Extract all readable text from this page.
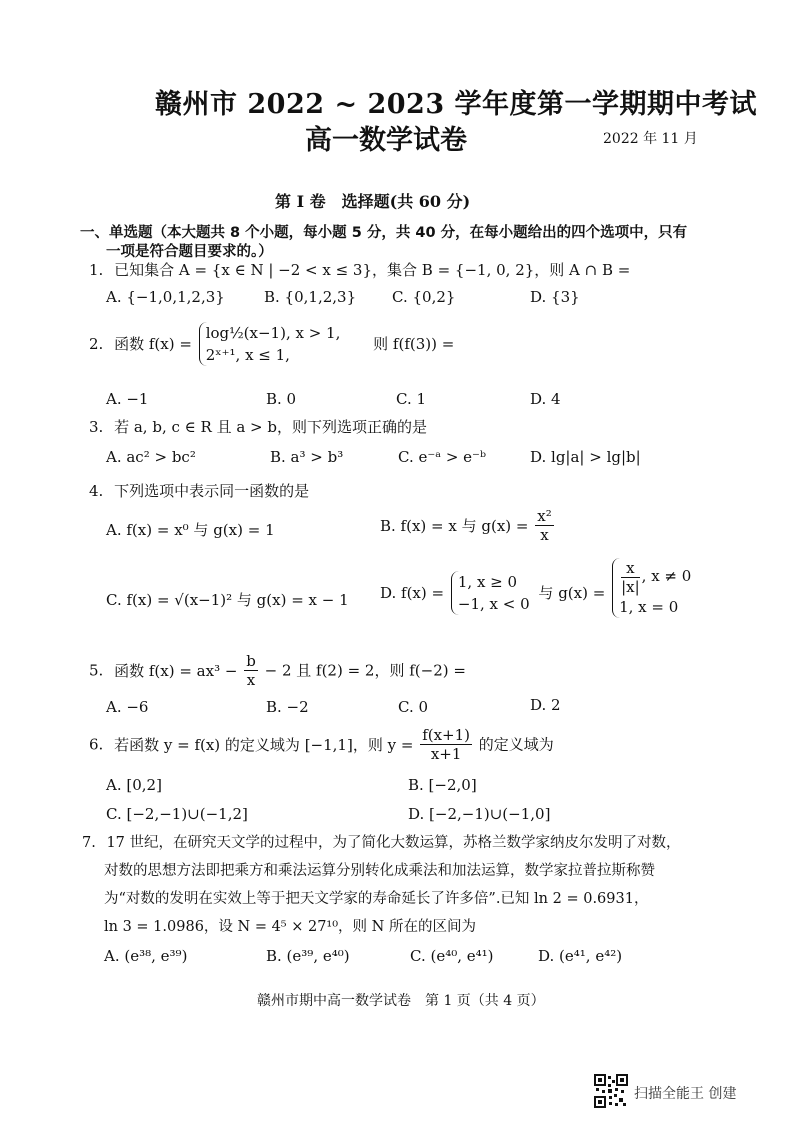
赣州市 2022 ~ 2023 学年度第一学期期中考试
高一数学试卷	2022 年 11 月
第 Ⅰ 卷　选择题(共 60 分)
一、单选题（本大题共 8 个小题，每小题 5 分，共 40 分，在每小题给出的四个选项中，只有
一项是符合题目要求的。）
1. 已知集合 A = {x ∈ N | −2 < x ≤ 3}，集合 B = {−1, 0, 2}，则 A ∩ B =
A. {−1,0,1,2,3}	B. {0,1,2,3} C. {0,2}	D. {3}
2. 函数 f(x) =
log½(x−1), x > 1,
2ˣ⁺¹, x ≤ 1,
则 f(f(3)) =
A. −1	B. 0	C. 1	D. 4
3. 若 a, b, c ∈ R 且 a > b，则下列选项正确的是
A. ac² > bc²	B. a³ > b³	C. e⁻ᵃ > e⁻ᵇ	D. lg|a| > lg|b|
4. 下列选项中表示同一函数的是
A. f(x) = x⁰ 与 g(x) = 1	B. f(x) = x 与 $g(x) = \frac{\text{x²}}{x}$
C. f(x) = √(x−1)² 与 g(x) = x − 1 D. f(x) =
1, x ≥ 0
−1, x < 0
与 $g(x) = \frac{x}{|x|}$ , x ≠ 0
1, x = 0
5. 函数 $f(x) = ax^3 - \frac{b}{x} - 2$ 且 f(2) = 2，则 f(−2) =
A. −6	B. −2	C. 0	D. 2
6. 若函数 y = f(x) 的定义域为 [−1,1]，则 $y = \frac{f(x+1)}{x+1}$ 的定义域为
A. [0,2]	B. [−2,0]
C. [−2,−1)∪(−1,2]	D. [−2,−1)∪(−1,0]
7. 17 世纪，在研究天文学的过程中，为了简化大数运算，苏格兰数学家纳皮尔发明了对数，
对数的思想方法即把乘方和乘法运算分别转化成乘法和加法运算，数学家拉普拉斯称赞
为“对数的发明在实效上等于把天文学家的寿命延长了许多倍”.已知 ln 2 = 0.6931，
ln 3 = 1.0986，设 N = 4⁵ × 27¹⁰，则 N 所在的区间为
A. (e³⁸, e³⁹)	B. (e³⁹, e⁴⁰)	C. (e⁴⁰, e⁴¹)	D. (e⁴¹, e⁴²)
赣州市期中高一数学试卷　第 1 页（共 4 页）
扫描全能王 创建
